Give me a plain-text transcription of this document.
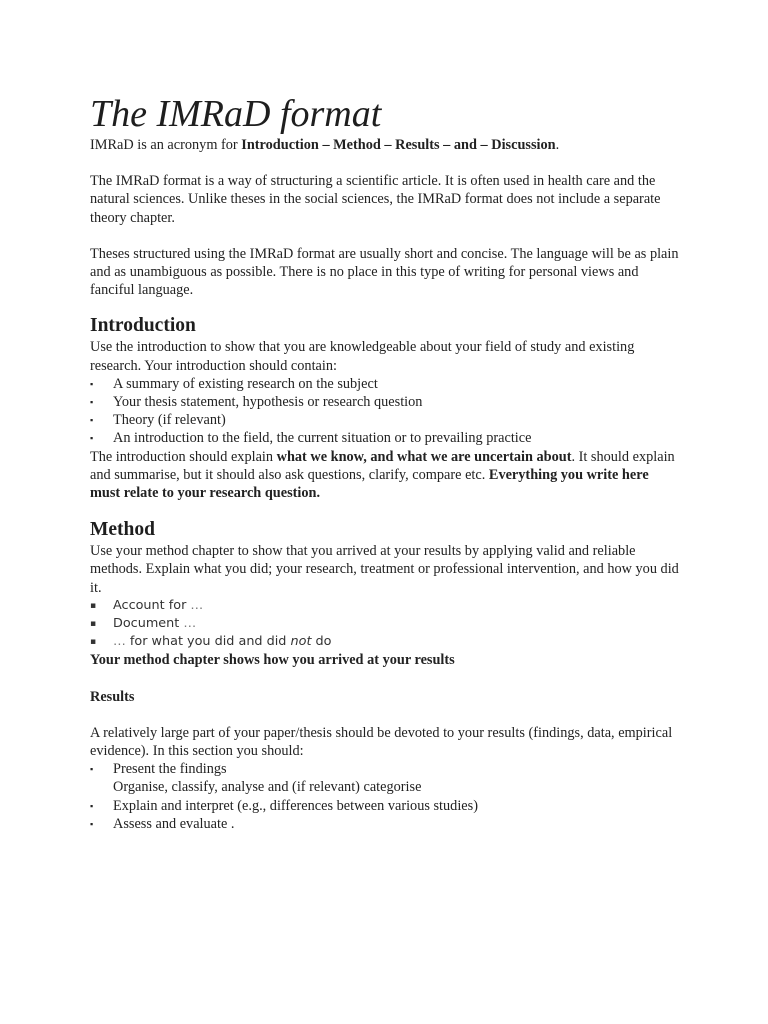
The IMRaD format

IMRaD is an acronym for Introduction – Method – Results – and – Discussion.

The IMRaD format is a way of structuring a scientific article. It is often used in health care and the natural sciences. Unlike theses in the social sciences, the IMRaD format does not include a separate theory chapter.

Theses structured using the IMRaD format are usually short and concise. The language will be as plain and as unambiguous as possible. There is no place in this type of writing for personal views and fanciful language.

Introduction

Use the introduction to show that you are knowledgeable about your field of study and existing research. Your introduction should contain:

▪ A summary of existing research on the subject
▪ Your thesis statement, hypothesis or research question
▪ Theory (if relevant)
▪ An introduction to the field, the current situation or to prevailing practice

The introduction should explain what we know, and what we are uncertain about. It should explain and summarise, but it should also ask questions, clarify, compare etc. Everything you write here must relate to your research question.

Method

Use your method chapter to show that you arrived at your results by applying valid and reliable methods. Explain what you did; your research, treatment or professional intervention, and how you did it.

▪ Account for …
▪ Document …
▪ … for what you did and did not do

Your method chapter shows how you arrived at your results

Results

A relatively large part of your paper/thesis should be devoted to your results (findings, data, empirical evidence). In this section you should:

▪ Present the findings
Organise, classify, analyse and (if relevant) categorise
▪ Explain and interpret (e.g., differences between various studies)
▪ Assess and evaluate .
